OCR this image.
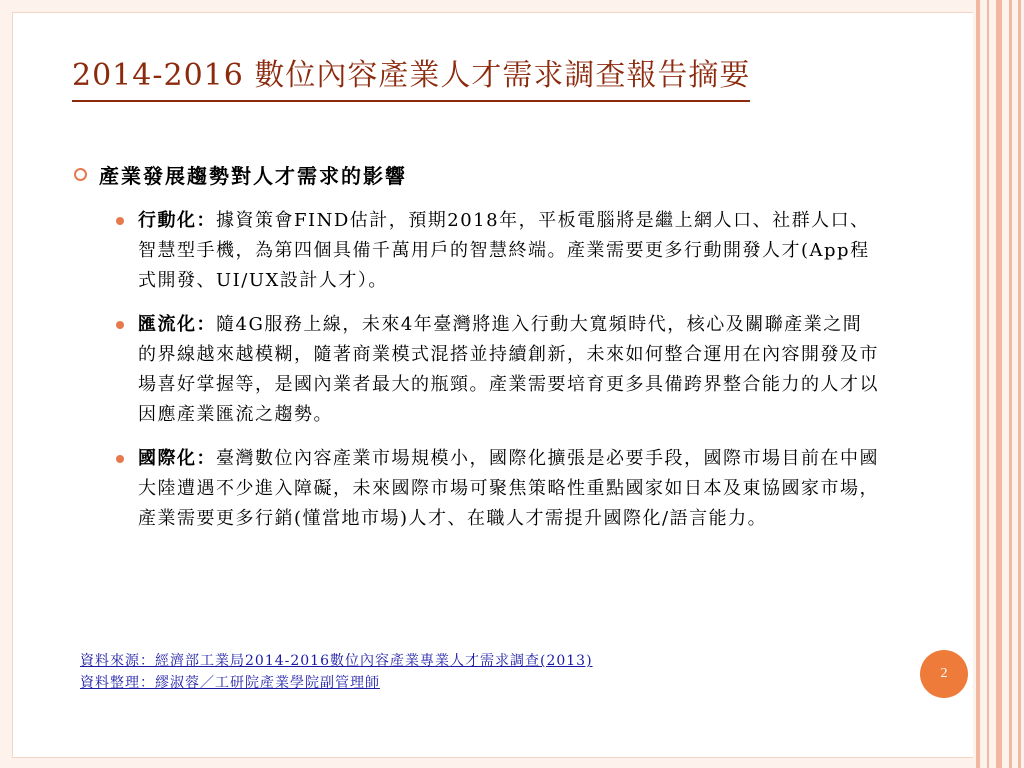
2014-2016 數位內容產業人才需求調查報告摘要
產業發展趨勢對人才需求的影響
行動化：據資策會FIND估計，預期2018年，平板電腦將是繼上網人口、社群人口、智慧型手機，為第四個具備千萬用戶的智慧終端。產業需要更多行動開發人才(App程式開發、UI/UX設計人才）。
匯流化：隨4G服務上線，未來4年臺灣將進入行動大寬頻時代，核心及關聯產業之間的界線越來越模糊，隨著商業模式混搭並持續創新，未來如何整合運用在內容開發及市場喜好掌握等，是國內業者最大的瓶頸。產業需要培育更多具備跨界整合能力的人才以因應產業匯流之趨勢。
國際化：臺灣數位內容產業市場規模小，國際化擴張是必要手段，國際市場目前在中國大陸遭遇不少進入障礙，未來國際市場可聚焦策略性重點國家如日本及東協國家市場，產業需要更多行銷(懂當地市場)人才、在職人才需提升國際化/語言能力。
資料來源：經濟部工業局2014-2016數位內容產業專業人才需求調查(2013)
資料整理：繆淑蓉／工研院產業學院副管理師
2
